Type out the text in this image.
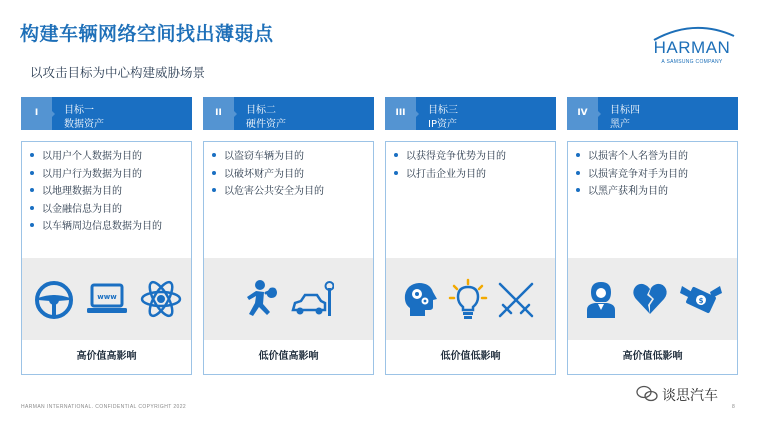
构建车辆网络空间找出薄弱点
以攻击目标为中心构建威胁场景
HARMAN
A SAMSUNG COMPANY
I	目标一
数据资产
以用户个人数据为目的
以用户行为数据为目的
以地理数据为目的
以金融信息为目的
以车辆周边信息数据为目的
www
高价值高影响
II	目标二
硬件资产
以盗窃车辆为目的
以破坏财产为目的
以危害公共安全为目的
低价值高影响
III	目标三
IP资产
以获得竞争优势为目的
以打击企业为目的
低价值低影响
IV	目标四
黑产
以损害个人名誉为目的
以损害竞争对手为目的
以黑产获利为目的
$
高价值低影响
HARMAN INTERNATIONAL. CONFIDENTIAL COPYRIGHT 2022	8
谈思汽车
